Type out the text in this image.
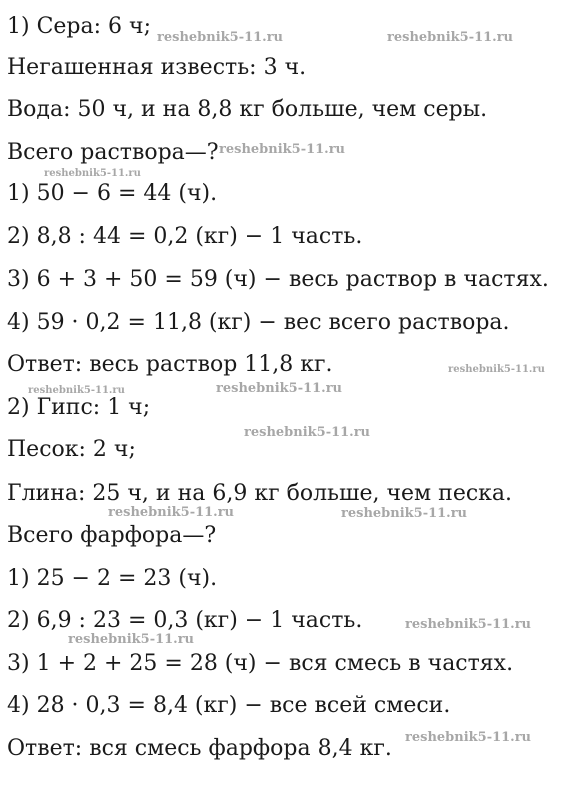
1) Сера: 6 ч;
Негашенная известь: 3 ч.
Вода: 50 ч, и на 8,8 кг больше, чем серы.
Всего раствора—?
1) 50 − 6 = 44 (ч).
2) 8,8 : 44 = 0,2 (кг) − 1 часть.
3) 6 + 3 + 50 = 59 (ч) − весь раствор в частях.
4) 59 · 0,2 = 11,8 (кг) − вес всего раствора.
Ответ: весь раствор 11,8 кг.
2) Гипс: 1 ч;
Песок: 2 ч;
Глина: 25 ч, и на 6,9 кг больше, чем песка.
Всего фарфора—?
1) 25 − 2 = 23 (ч).
2) 6,9 : 23 = 0,3 (кг) − 1 часть.
3) 1 + 2 + 25 = 28 (ч) − вся смесь в частях.
4) 28 · 0,3 = 8,4 (кг) − все всей смеси.
Ответ: вся смесь фарфора 8,4 кг.
reshebnik5-11.ru	reshebnik5-11.ru
reshebnik5-11.ru
reshebnik5-11.ru
reshebnik5-11.ru
reshebnik5-11.ru	reshebnik5-11.ru
reshebnik5-11.ru
reshebnik5-11.ru	reshebnik5-11.ru
reshebnik5-11.ru
reshebnik5-11.ru
reshebnik5-11.ru
